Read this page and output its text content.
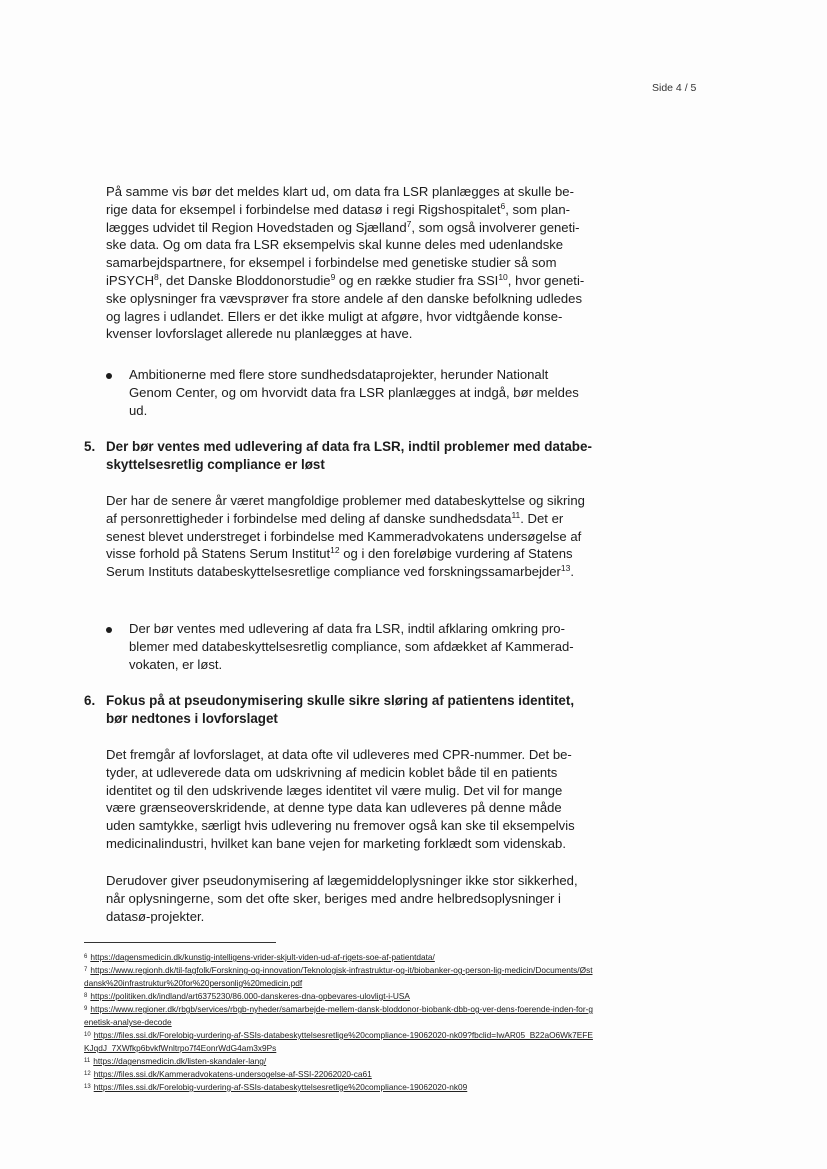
Side 4 / 5

På samme vis bør det meldes klart ud, om data fra LSR planlægges at skulle berige data for eksempel i forbindelse med datasø i regi Rigshospitalet$^6$, som planlægges udvidet til Region Hovedstaden og Sjælland$^7$, som også involverer genetiske data. Og om data fra LSR eksempelvis skal kunne deles med udenlandske samarbejdspartnere, for eksempel i forbindelse med genetiske studier så som iPSYCH$^8$, det Danske Bloddonorstudie$^9$ og en række studier fra SSI$^{10}$, hvor genetiske oplysninger fra vævsprøver fra store andele af den danske befolkning udledes og lagres i udlandet. Ellers er det ikke muligt at afgøre, hvor vidtgående konsekvenser lovforslaget allerede nu planlægges at have.

Ambitionerne med flere store sundhedsdataprojekter, herunder Nationalt Genom Center, og om hvorvidt data fra LSR planlægges at indgå, bør meldes ud.
5. Der bør ventes med udlevering af data fra LSR, indtil problemer med databeskyttelsesretlig compliance er løst

Der har de senere år været mangfoldige problemer med databeskyttelse og sikring af personrettigheder i forbindelse med deling af danske sundhedsdata$^{11}$. Det er senest blevet understreget i forbindelse med Kammeradvokatens undersøgelse af visse forhold på Statens Serum Institut$^{12}$ og i den foreløbige vurdering af Statens Serum Instituts databeskyttelsesretlige compliance ved forskningssamarbejder$^{13}$.

Der bør ventes med udlevering af data fra LSR, indtil afklaring omkring problemer med databeskyttelsesretlig compliance, som afdækket af Kammeradvokaten, er løst.
6. Fokus på at pseudonymisering skulle sikre sløring af patientens identitet, bør nedtones i lovforslaget

Det fremgår af lovforslaget, at data ofte vil udleveres med CPR-nummer. Det betyder, at udleverede data om udskrivning af medicin koblet både til en patients identitet og til den udskrivende læges identitet vil være mulig. Det vil for mange være grænseoverskridende, at denne type data kan udleveres på denne måde uden samtykke, særligt hvis udlevering nu fremover også kan ske til eksempelvis medicinalindustri, hvilket kan bane vejen for marketing forklædt som videnskab.

Derudover giver pseudonymisering af lægemiddeloplysninger ikke stor sikkerhed, når oplysningerne, som det ofte sker, beriges med andre helbredsoplysninger i datasø-projekter.

$^6$ https://dagensmedicin.dk/kunstig-intelligens-vrider-skjult-viden-ud-af-rigets-soe-af-patientdata/
$^7$ https://www.regionh.dk/til-fagfolk/Forskning-og-innovation/Teknologisk-infrastruktur-og-it/biobanker-og-person-lig-medicin/Documents/Østdansk%20infrastruktur%20for%20personlig%20medicin.pdf
$^8$ https://politiken.dk/indland/art6375230/86.000-danskeres-dna-opbevares-ulovligt-i-USA
$^9$ https://www.regioner.dk/rbgb/services/rbgb-nyheder/samarbejde-mellem-dansk-bloddonor-biobank-dbb-og-ver-dens-foerende-inden-for-genetisk-analyse-decode
$^{10}$ https://files.ssi.dk/Forelobig-vurdering-af-SSIs-databeskyttelsesretlige%20compliance-19062020-nk09?fbclid=IwAR05_B22aO6Wk7EFEKJqdJ_7XWfkp6bvkfWnltrpo7f4EonrWdG4am3x9Ps
$^{11}$ https://dagensmedicin.dk/listen-skandaler-lang/
$^{12}$ https://files.ssi.dk/Kammeradvokatens-undersogelse-af-SSI-22062020-ca61
$^{13}$ https://files.ssi.dk/Forelobig-vurdering-af-SSIs-databeskyttelsesretlige%20compliance-19062020-nk09
